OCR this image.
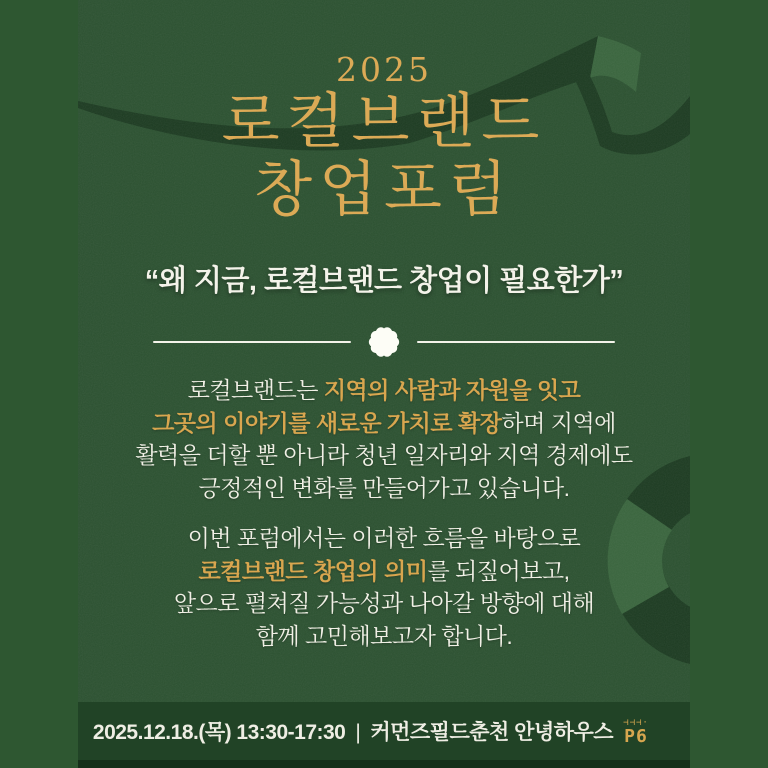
2025
로컬브랜드
창업포럼
“왜 지금, 로컬브랜드 창업이 필요한가”
로컬브랜드는 지역의 사람과 자원을 잇고
그곳의 이야기를 새로운 가치로 확장하며 지역에
활력을 더할 뿐 아니라 청년 일자리와 지역 경제에도
긍정적인 변화를 만들어가고 있습니다.
이번 포럼에서는 이러한 흐름을 바탕으로
로컬브랜드 창업의 의미를 되짚어보고,
앞으로 펼쳐질 가능성과 나아갈 방향에 대해
함께 고민해보고자 합니다.
2025.12.18.(목) 13:30-17:30 | 커먼즈필드춘천 안녕하우스 ⊣⊣⊣·
P6
